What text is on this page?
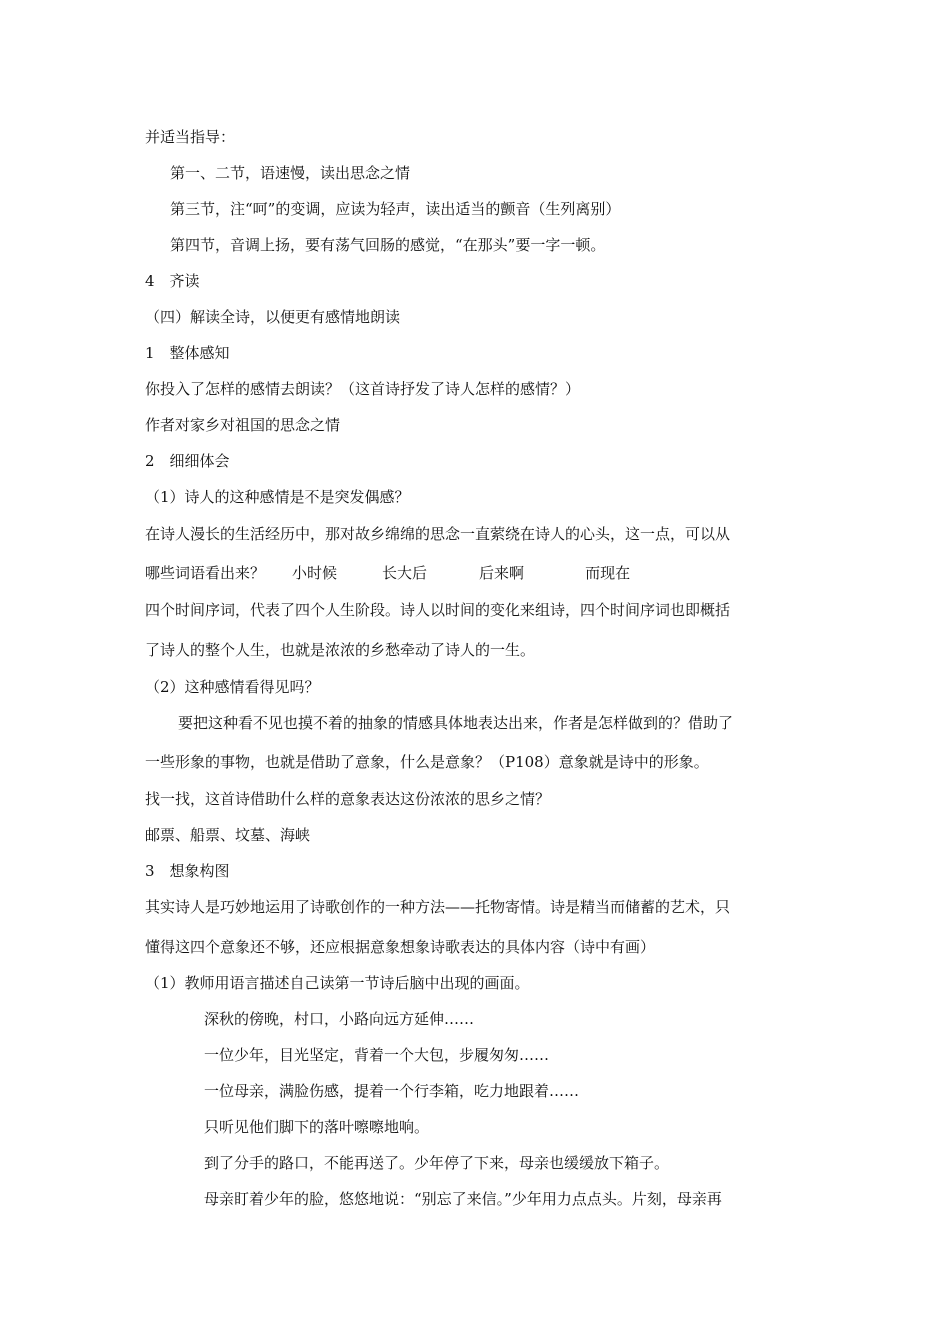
并适当指导：
第一、二节，语速慢，读出思念之情
第三节，注“呵”的变调，应读为轻声，读出适当的颤音（生列离别）
第四节，音调上扬，要有荡气回肠的感觉，“在那头”要一字一顿。
4　齐读
（四）解读全诗，以便更有感情地朗读
1　整体感知
你投入了怎样的感情去朗读？（这首诗抒发了诗人怎样的感情？）
作者对家乡对祖国的思念之情
2　细细体会
（1）诗人的这种感情是不是突发偶感？
在诗人漫长的生活经历中，那对故乡绵绵的思念一直萦绕在诗人的心头，这一点，可以从
哪些词语看出来？ 小时候	长大后	后来啊	而现在
四个时间序词，代表了四个人生阶段。诗人以时间的变化来组诗，四个时间序词也即概括
了诗人的整个人生，也就是浓浓的乡愁牵动了诗人的一生。
（2）这种感情看得见吗？
要把这种看不见也摸不着的抽象的情感具体地表达出来，作者是怎样做到的？借助了
一些形象的事物，也就是借助了意象，什么是意象？（P108）意象就是诗中的形象。
找一找，这首诗借助什么样的意象表达这份浓浓的思乡之情？
邮票、船票、坟墓、海峡
3　想象构图
其实诗人是巧妙地运用了诗歌创作的一种方法——托物寄情。诗是精当而储蓄的艺术，只
懂得这四个意象还不够，还应根据意象想象诗歌表达的具体内容（诗中有画）
（1）教师用语言描述自己读第一节诗后脑中出现的画面。
深秋的傍晚，村口，小路向远方延伸……
一位少年，目光坚定，背着一个大包，步履匆匆……
一位母亲，满脸伤感，提着一个行李箱，吃力地跟着……
只听见他们脚下的落叶嚓嚓地响。
到了分手的路口，不能再送了。少年停了下来，母亲也缓缓放下箱子。
母亲盯着少年的脸，悠悠地说：“别忘了来信。”少年用力点点头。片刻，母亲再
